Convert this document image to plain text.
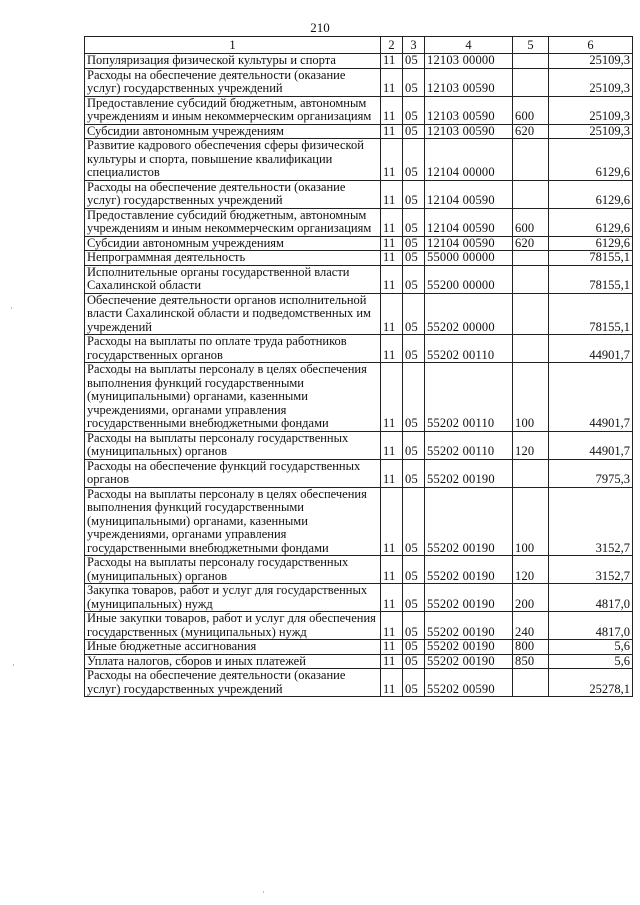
210
1	2	3	4	5	6
Популяризация физической культуры и спорта	11	05	12103 00000		25109,3
Расходы на обеспечение деятельности (оказание услуг) государственных учреждений	11	05	12103 00590		25109,3
Предоставление субсидий бюджетным, автономным учреждениям и иным некоммерческим организациям	11	05	12103 00590	600	25109,3
Субсидии автономным учреждениям	11	05	12103 00590	620	25109,3
Развитие кадрового обеспечения сферы физической культуры и спорта, повышение квалификации специалистов	11	05	12104 00000		6129,6
Расходы на обеспечение деятельности (оказание услуг) государственных учреждений	11	05	12104 00590		6129,6
Предоставление субсидий бюджетным, автономным учреждениям и иным некоммерческим организациям	11	05	12104 00590	600	6129,6
Субсидии автономным учреждениям	11	05	12104 00590	620	6129,6
Непрограммная деятельность	11	05	55000 00000		78155,1
Исполнительные органы государственной власти Сахалинской области	11	05	55200 00000		78155,1
Обеспечение деятельности органов исполнительной власти Сахалинской области и подведомственных им учреждений	11	05	55202 00000		78155,1
Расходы на выплаты по оплате труда работников государственных органов	11	05	55202 00110		44901,7
Расходы на выплаты персоналу в целях обеспечения выполнения функций государственными (муниципальными) органами, казенными учреждениями, органами управления государственными внебюджетными фондами	11	05	55202 00110	100	44901,7
Расходы на выплаты персоналу государственных (муниципальных) органов	11	05	55202 00110	120	44901,7
Расходы на обеспечение функций государственных органов	11	05	55202 00190		7975,3
Расходы на выплаты персоналу в целях обеспечения выполнения функций государственными (муниципальными) органами, казенными учреждениями, органами управления государственными внебюджетными фондами	11	05	55202 00190	100	3152,7
Расходы на выплаты персоналу государственных (муниципальных) органов	11	05	55202 00190	120	3152,7
Закупка товаров, работ и услуг для государственных (муниципальных) нужд	11	05	55202 00190	200	4817,0
Иные закупки товаров, работ и услуг для обеспечения государственных (муниципальных) нужд	11	05	55202 00190	240	4817,0
Иные бюджетные ассигнования	11	05	55202 00190	800	5,6
Уплата налогов, сборов и иных платежей	11	05	55202 00190	850	5,6
Расходы на обеспечение деятельности (оказание услуг) государственных учреждений	11	05	55202 00590		25278,1
·
·
·
